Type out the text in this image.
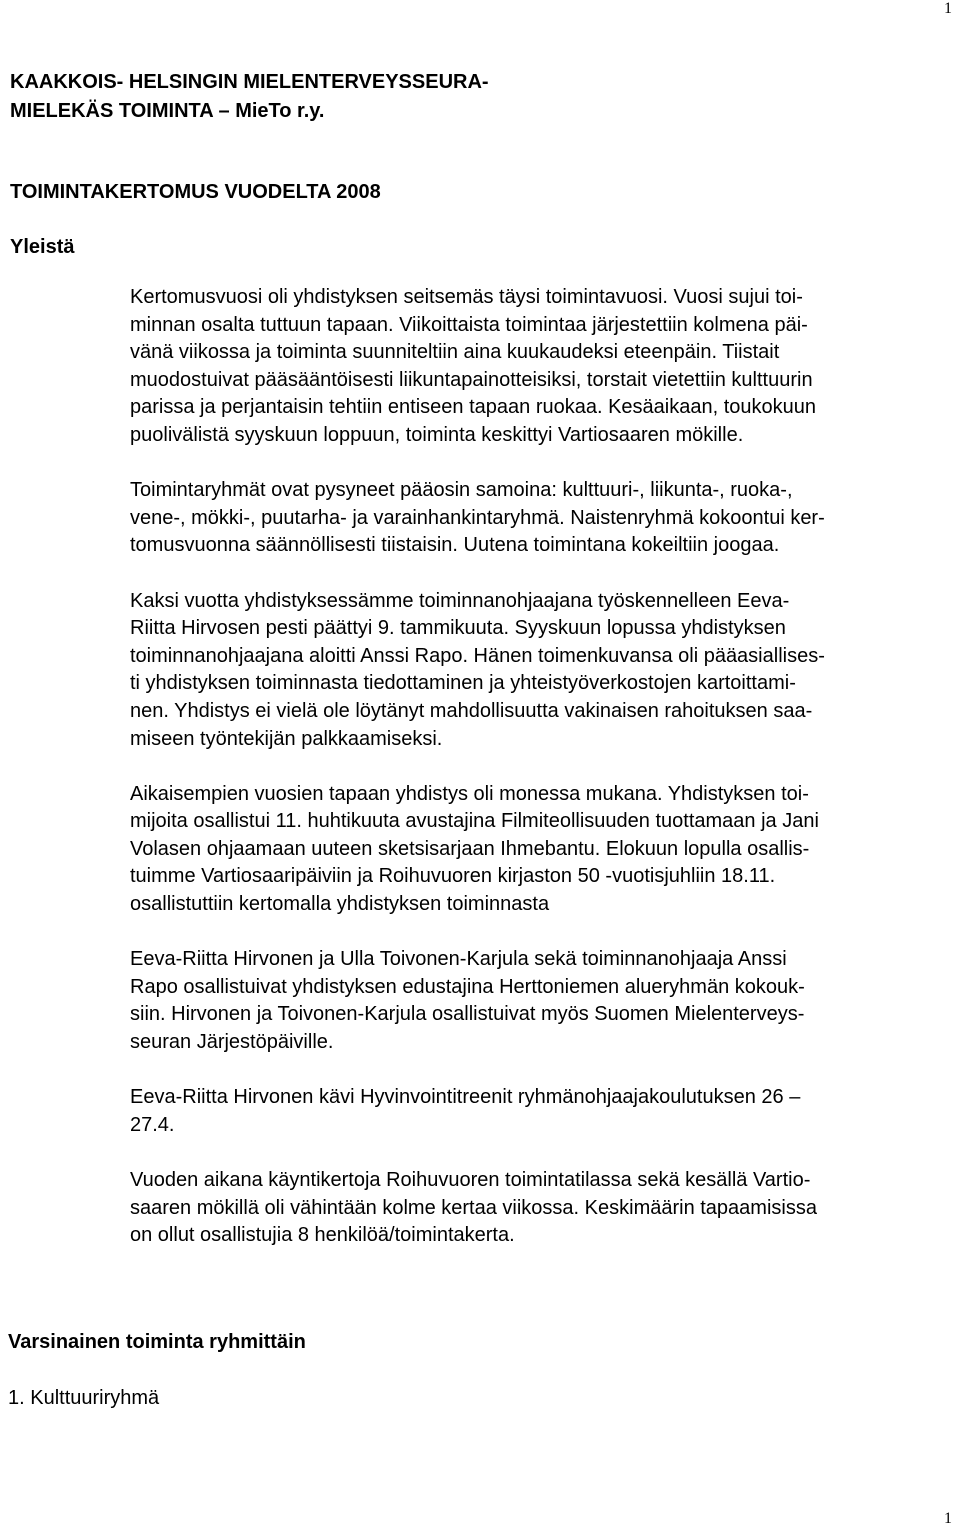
1
KAAKKOIS- HELSINGIN MIELENTERVEYSSEURA-
MIELEKÄS TOIMINTA – MieTo r.y.
TOIMINTAKERTOMUS VUODELTA 2008
Yleistä

Kertomusvuosi oli yhdistyksen seitsemäs täysi toimintavuosi. Vuosi sujui toi-
minnan osalta tuttuun tapaan. Viikoittaista toimintaa järjestettiin kolmena päi-
vänä viikossa ja toiminta suunniteltiin aina kuukaudeksi eteenpäin. Tiistait
muodostuivat pääsääntöisesti liikuntapainotteisiksi, torstait vietettiin kulttuurin
parissa ja perjantaisin tehtiin entiseen tapaan ruokaa. Kesäaikaan, toukokuun
puolivälistä syyskuun loppuun, toiminta keskittyi Vartiosaaren mökille.

Toimintaryhmät ovat pysyneet pääosin samoina: kulttuuri-, liikunta-, ruoka-,
vene-, mökki-, puutarha- ja varainhankintaryhmä. Naistenryhmä kokoontui ker-
tomusvuonna säännöllisesti tiistaisin. Uutena toimintana kokeiltiin joogaa.

Kaksi vuotta yhdistyksessämme toiminnanohjaajana työskennelleen Eeva-
Riitta Hirvosen pesti päättyi 9. tammikuuta. Syyskuun lopussa yhdistyksen
toiminnanohjaajana aloitti Anssi Rapo. Hänen toimenkuvansa oli pääasiallises-
ti yhdistyksen toiminnasta tiedottaminen ja yhteistyöverkostojen kartoittami-
nen. Yhdistys ei vielä ole löytänyt mahdollisuutta vakinaisen rahoituksen saa-
miseen työntekijän palkkaamiseksi.

Aikaisempien vuosien tapaan yhdistys oli monessa mukana. Yhdistyksen toi-
mijoita osallistui 11. huhtikuuta avustajina Filmiteollisuuden tuottamaan ja Jani
Volasen ohjaamaan uuteen sketsisarjaan Ihmebantu. Elokuun lopulla osallis-
tuimme Vartiosaaripäiviin ja Roihuvuoren kirjaston 50 -vuotisjuhliin 18.11.
osallistuttiin kertomalla yhdistyksen toiminnasta

Eeva-Riitta Hirvonen ja Ulla Toivonen-Karjula sekä toiminnanohjaaja Anssi
Rapo osallistuivat yhdistyksen edustajina Herttoniemen alueryhmän kokouk-
siin. Hirvonen ja Toivonen-Karjula osallistuivat myös Suomen Mielenterveys-
seuran Järjestöpäiville.

Eeva-Riitta Hirvonen kävi Hyvinvointitreenit ryhmänohjaajakoulutuksen 26 –
27.4.

Vuoden aikana käyntikertoja Roihuvuoren toimintatilassa sekä kesällä Vartio-
saaren mökillä oli vähintään kolme kertaa viikossa. Keskimäärin tapaamisissa
on ollut osallistujia 8 henkilöä/toimintakerta.

Varsinainen toiminta ryhmittäin
1. Kulttuuriryhmä
1
